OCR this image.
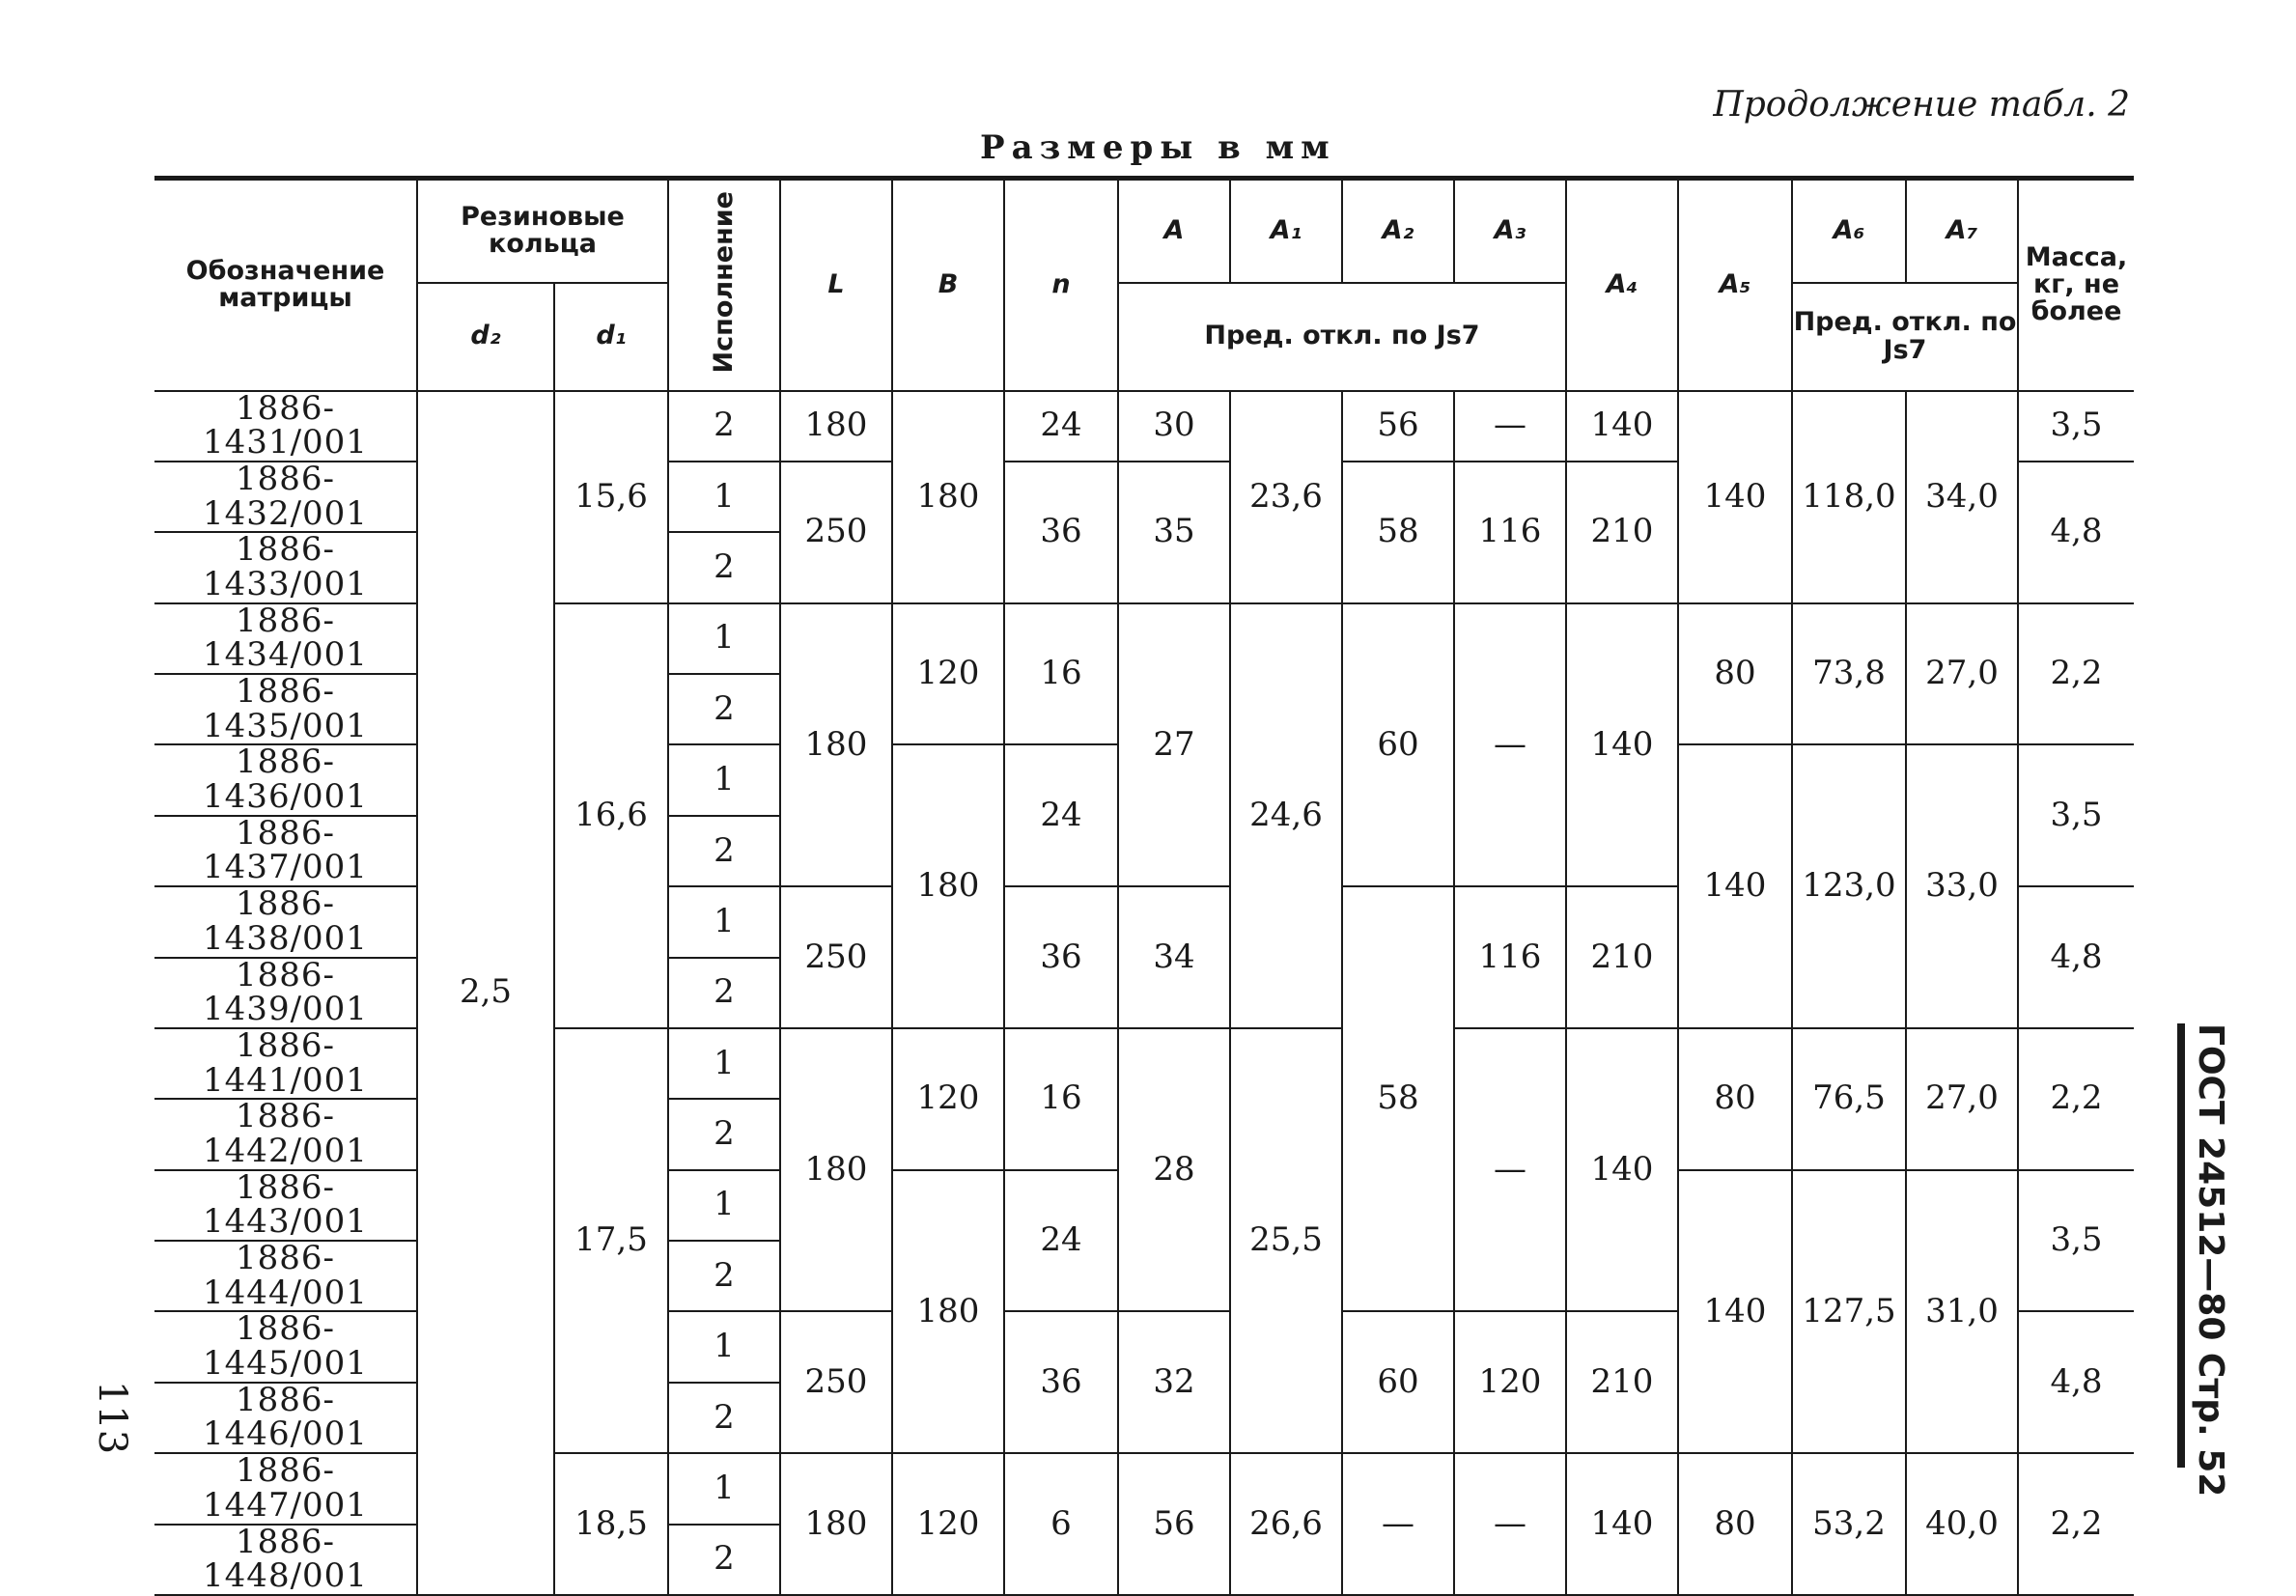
Продолжение табл. 2
Размеры в мм
Обозначение матрицы	Резиновые кольца		Исполнение	L	B	n	A	A₁	A₂	A₃	A₄	A₅	A₆	A₇	Масса, кг, не более
	d₂	d₁					Пред. откл. по Js7						Пред. откл. по Js7		

1886-1431/001	2,5	15,6	2	180	180	24	30	23,6	56	—	140	140	118,0	34,0	3,5
1886-1432/001			1	250		36	35		58	116	210				4,8
1886-1433/001			2												
1886-1434/001		16,6	1	180	120	16	27	24,6	60	—	140	80	73,8	27,0	2,2
1886-1435/001			2												
1886-1436/001			1		180	24						140	123,0	33,0	3,5
1886-1437/001			2												
1886-1438/001			1	250		36	34		58	116	210				4,8
1886-1439/001			2												
1886-1441/001		17,5	1	180	120	16	28	25,5		—	140	80	76,5	27,0	2,2
1886-1442/001			2												
1886-1443/001			1		180	24						140	127,5	31,0	3,5
1886-1444/001			2												
1886-1445/001			1	250		36	32		60	120	210				4,8
1886-1446/001			2												
1886-1447/001		18,5	1	180	120	6	56	26,6	—	—	140	80	53,2	40,0	2,2
1886-1448/001			2												
113	ГОСТ 24512—80 Стр. 52
